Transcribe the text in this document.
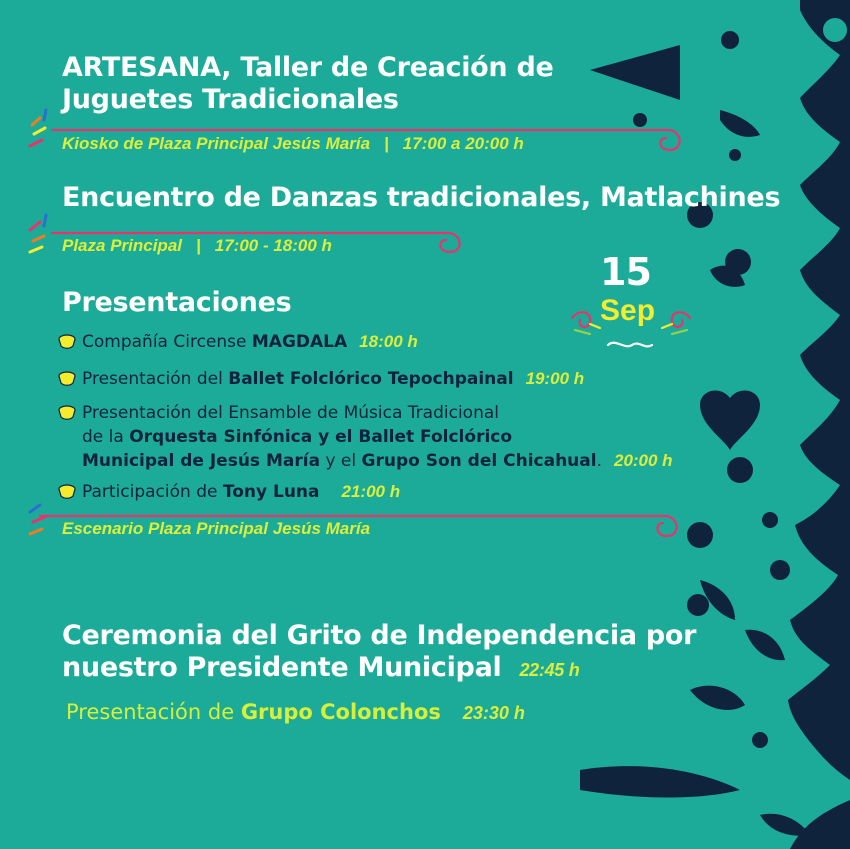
ARTESANA, Taller de Creación de
Juguetes Tradicionales
Kiosko de Plaza Principal Jesús María | 17:00 a 20:00 h
Encuentro de Danzas tradicionales, Matlachines
Plaza Principal | 17:00 - 18:00 h
15
Sep
Presentaciones
Compañía Circense MAGDALA 18:00 h
Presentación del Ballet Folclórico Tepochpainal 19:00 h
Presentación del Ensamble de Música Tradicional
de la Orquesta Sinfónica y el Ballet Folclórico
Municipal de Jesús María y el Grupo Son del Chicahual. 20:00 h
Participación de Tony Luna 21:00 h
Escenario Plaza Principal Jesús María
Ceremonia del Grito de Independencia por
nuestro Presidente Municipal 22:45 h
Presentación de Grupo Colonchos 23:30 h
